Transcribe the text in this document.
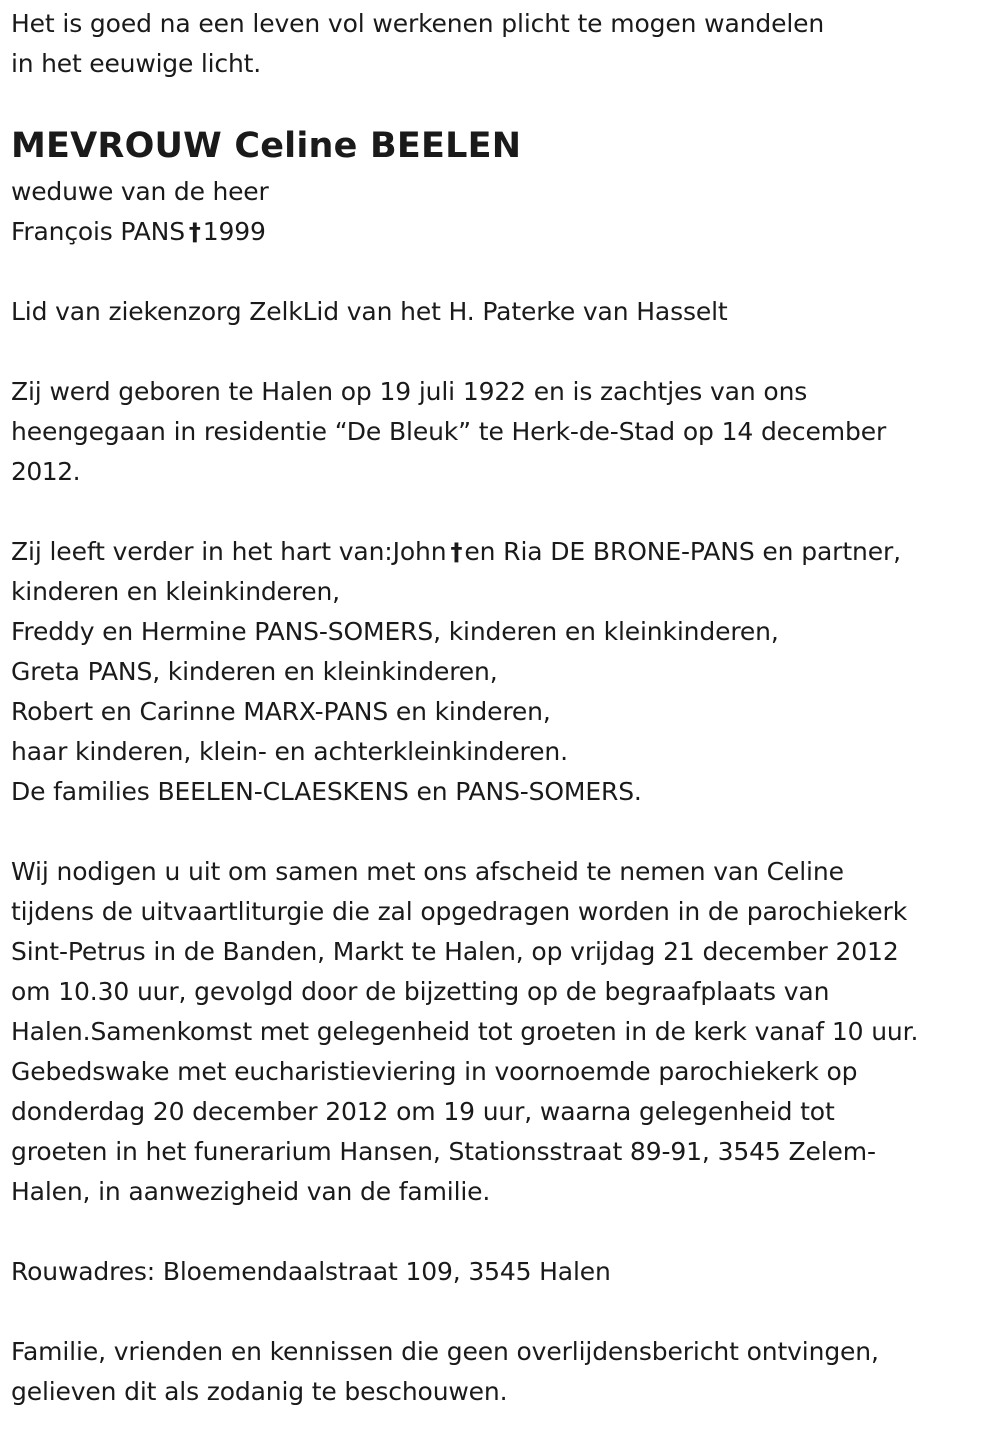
Het is goed na een leven vol werkenen plicht te mogen wandelen
in het eeuwige licht.
MEVROUW Celine BEELEN
weduwe van de heer
François PANS †1999
Lid van ziekenzorg ZelkLid van het H. Paterke van Hasselt
Zij werd geboren te Halen op 19 juli 1922 en is zachtjes van ons
heengegaan in residentie “De Bleuk” te Herk-de-Stad op 14 december
2012.
Zij leeft verder in het hart van:John †en Ria DE BRONE-PANS en partner,
kinderen en kleinkinderen,
Freddy en Hermine PANS-SOMERS, kinderen en kleinkinderen,
Greta PANS, kinderen en kleinkinderen,
Robert en Carinne MARX-PANS en kinderen,
haar kinderen, klein- en achterkleinkinderen.
De families BEELEN-CLAESKENS en PANS-SOMERS.
Wij nodigen u uit om samen met ons afscheid te nemen van Celine
tijdens de uitvaartliturgie die zal opgedragen worden in de parochiekerk
Sint-Petrus in de Banden, Markt te Halen, op vrijdag 21 december 2012
om 10.30 uur, gevolgd door de bijzetting op de begraafplaats van
Halen.Samenkomst met gelegenheid tot groeten in de kerk vanaf 10 uur.
Gebedswake met eucharistieviering in voornoemde parochiekerk op
donderdag 20 december 2012 om 19 uur, waarna gelegenheid tot
groeten in het funerarium Hansen, Stationsstraat 89-91, 3545 Zelem-
Halen, in aanwezigheid van de familie.
Rouwadres: Bloemendaalstraat 109, 3545 Halen
Familie, vrienden en kennissen die geen overlijdensbericht ontvingen,
gelieven dit als zodanig te beschouwen.
